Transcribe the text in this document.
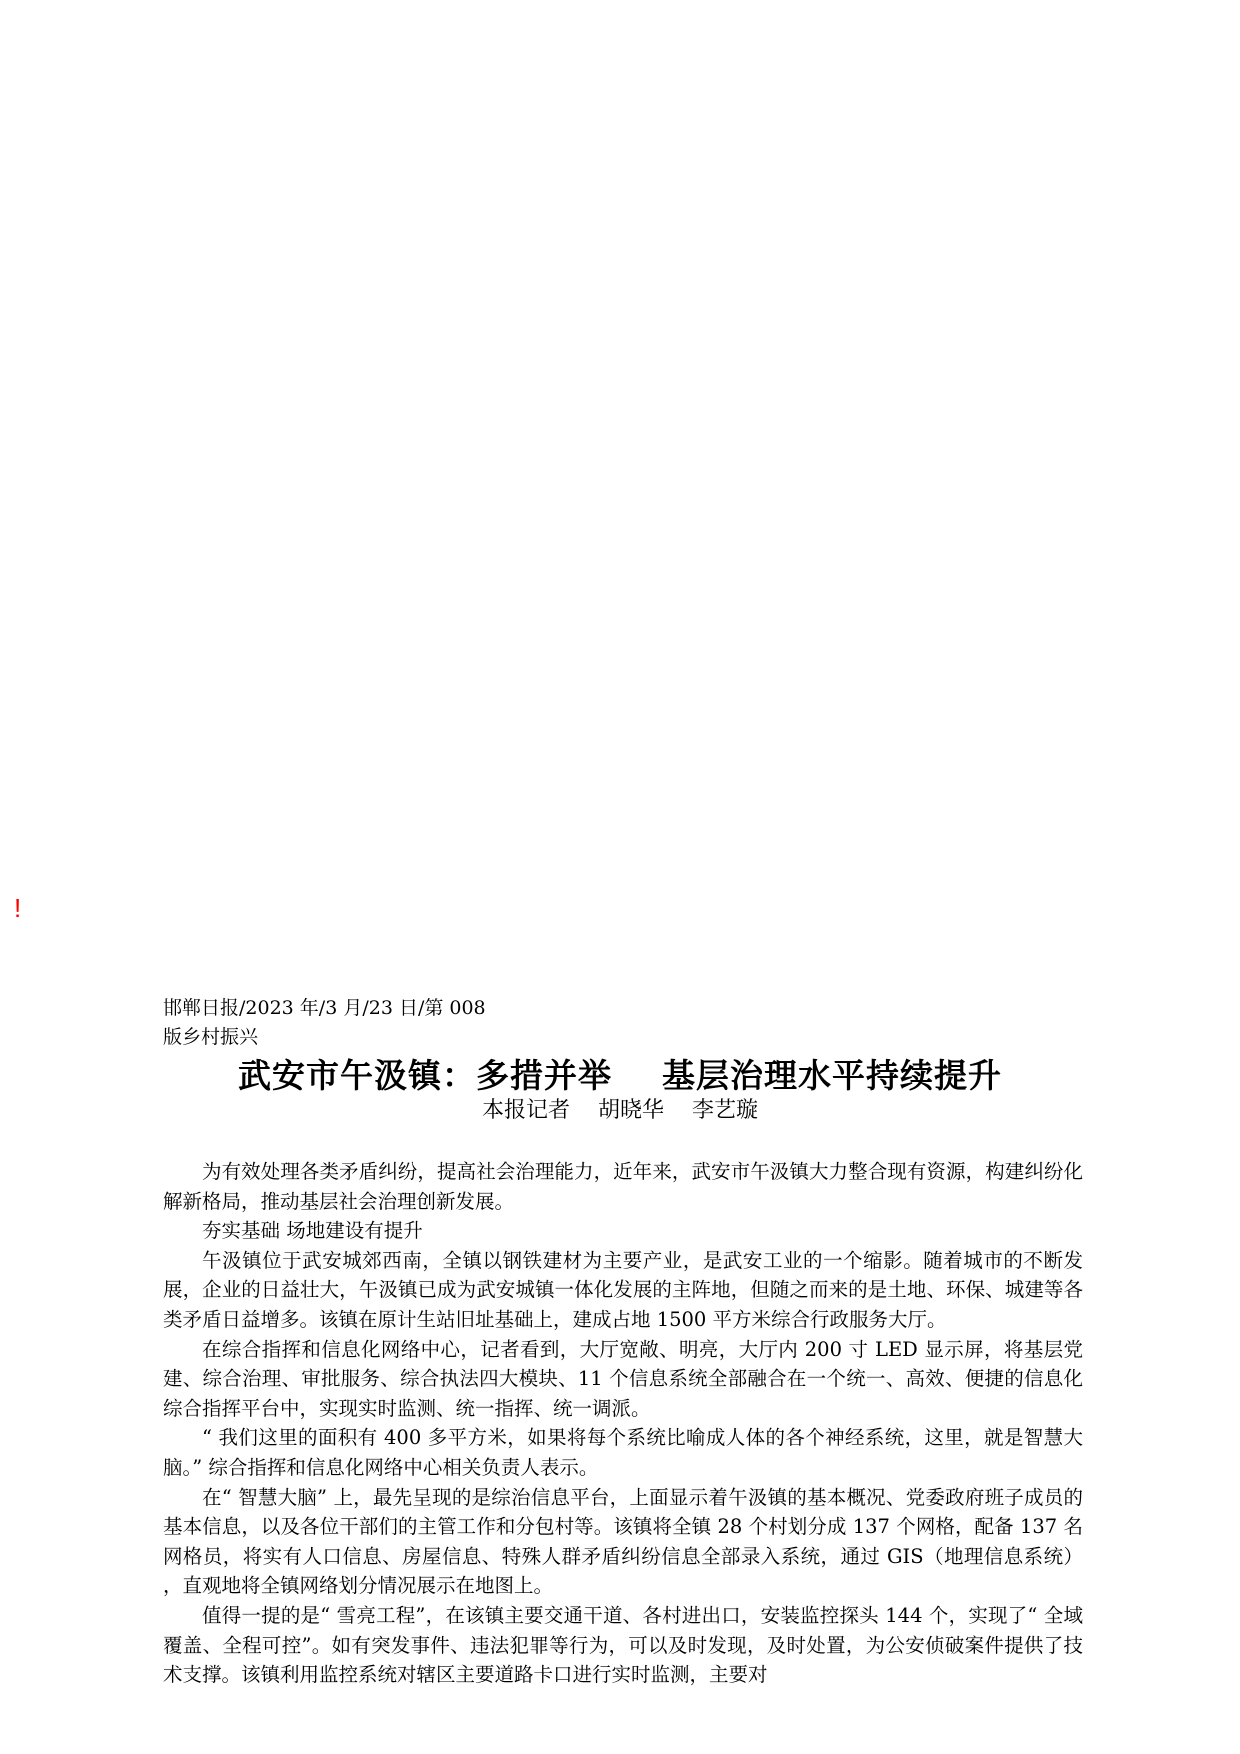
!
邯郸日报/2023 年/3 月/23 日/第 008
版乡村振兴
武安市午汲镇：多措并举    基层治理水平持续提升
本报记者    胡晓华    李艺璇

为有效处理各类矛盾纠纷，提高社会治理能力，近年来，武安市午汲镇大力整合现有资源，构建纠纷化解新格局，推动基层社会治理创新发展。

夯实基础 场地建设有提升

午汲镇位于武安城郊西南，全镇以钢铁建材为主要产业，是武安工业的一个缩影。随着城市的不断发展，企业的日益壮大，午汲镇已成为武安城镇一体化发展的主阵地，但随之而来的是土地、环保、城建等各类矛盾日益增多。该镇在原计生站旧址基础上，建成占地 1500 平方米综合行政服务大厅。

在综合指挥和信息化网络中心，记者看到，大厅宽敞、明亮，大厅内 200 寸 LED 显示屏，将基层党建、综合治理、审批服务、综合执法四大模块、11 个信息系统全部融合在一个统一、高效、便捷的信息化综合指挥平台中，实现实时监测、统一指挥、统一调派。

“ 我们这里的面积有 400 多平方米，如果将每个系统比喻成人体的各个神经系统，这里，就是智慧大脑。” 综合指挥和信息化网络中心相关负责人表示。

在“ 智慧大脑” 上，最先呈现的是综治信息平台，上面显示着午汲镇的基本概况、党委政府班子成员的基本信息，以及各位干部们的主管工作和分包村等。该镇将全镇 28 个村划分成 137 个网格，配备 137 名网格员，将实有人口信息、房屋信息、特殊人群矛盾纠纷信息全部录入系统，通过 GIS（地理信息系统） ，直观地将全镇网络划分情况展示在地图上。

值得一提的是“ 雪亮工程”，在该镇主要交通干道、各村进出口，安装监控探头 144 个，实现了“ 全域覆盖、全程可控”。如有突发事件、违法犯罪等行为，可以及时发现，及时处置，为公安侦破案件提供了技术支撑。该镇利用监控系统对辖区主要道路卡口进行实时监测，主要对
